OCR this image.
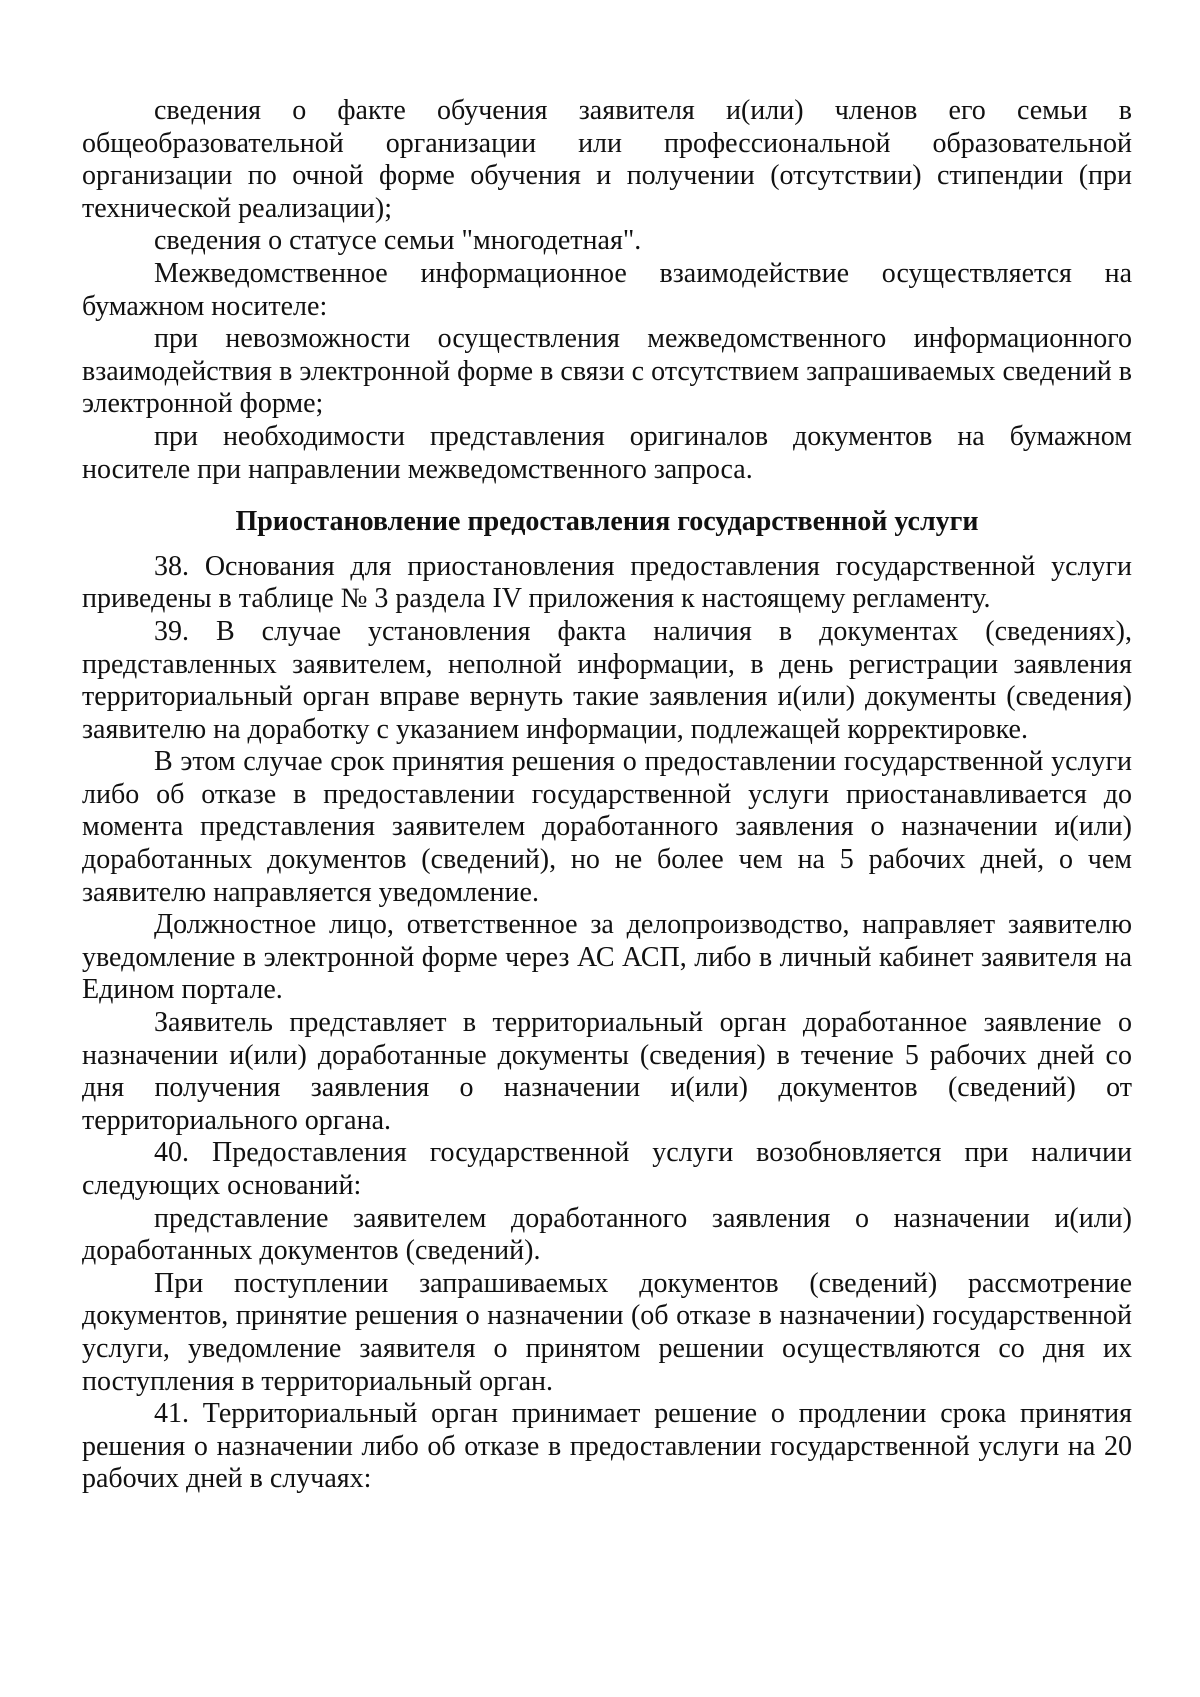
сведения о факте обучения заявителя и(или) членов его семьи в общеобразовательной организации или профессиональной образовательной организации по очной форме обучения и получении (отсутствии) стипендии (при технической реализации);

сведения о статусе семьи "многодетная".

Межведомственное информационное взаимодействие осуществляется на бумажном носителе:

при невозможности осуществления межведомственного информационного взаимодействия в электронной форме в связи с отсутствием запрашиваемых сведений в электронной форме;

при необходимости представления оригиналов документов на бумажном носителе при направлении межведомственного запроса.

Приостановление предоставления государственной услуги

38. Основания для приостановления предоставления государственной услуги приведены в таблице № 3 раздела IV приложения к настоящему регламенту.

39. В случае установления факта наличия в документах (сведениях), представленных заявителем, неполной информации, в день регистрации заявления территориальный орган вправе вернуть такие заявления и(или) документы (сведения) заявителю на доработку с указанием информации, подлежащей корректировке.

В этом случае срок принятия решения о предоставлении государственной услуги либо об отказе в предоставлении государственной услуги приостанавливается до момента представления заявителем доработанного заявления о назначении и(или) доработанных документов (сведений), но не более чем на 5 рабочих дней, о чем заявителю направляется уведомление.

Должностное лицо, ответственное за делопроизводство, направляет заявителю уведомление в электронной форме через АС АСП, либо в личный кабинет заявителя на Едином портале.

Заявитель представляет в территориальный орган доработанное заявление о назначении и(или) доработанные документы (сведения) в течение 5 рабочих дней со дня получения заявления о назначении и(или) документов (сведений) от территориального органа.

40. Предоставления государственной услуги возобновляется при наличии следующих оснований:

представление заявителем доработанного заявления о назначении и(или) доработанных документов (сведений).

При поступлении запрашиваемых документов (сведений) рассмотрение документов, принятие решения о назначении (об отказе в назначении) государственной услуги, уведомление заявителя о принятом решении осуществляются со дня их поступления в территориальный орган.

41. Территориальный орган принимает решение о продлении срока принятия решения о назначении либо об отказе в предоставлении государственной услуги на 20 рабочих дней в случаях:
